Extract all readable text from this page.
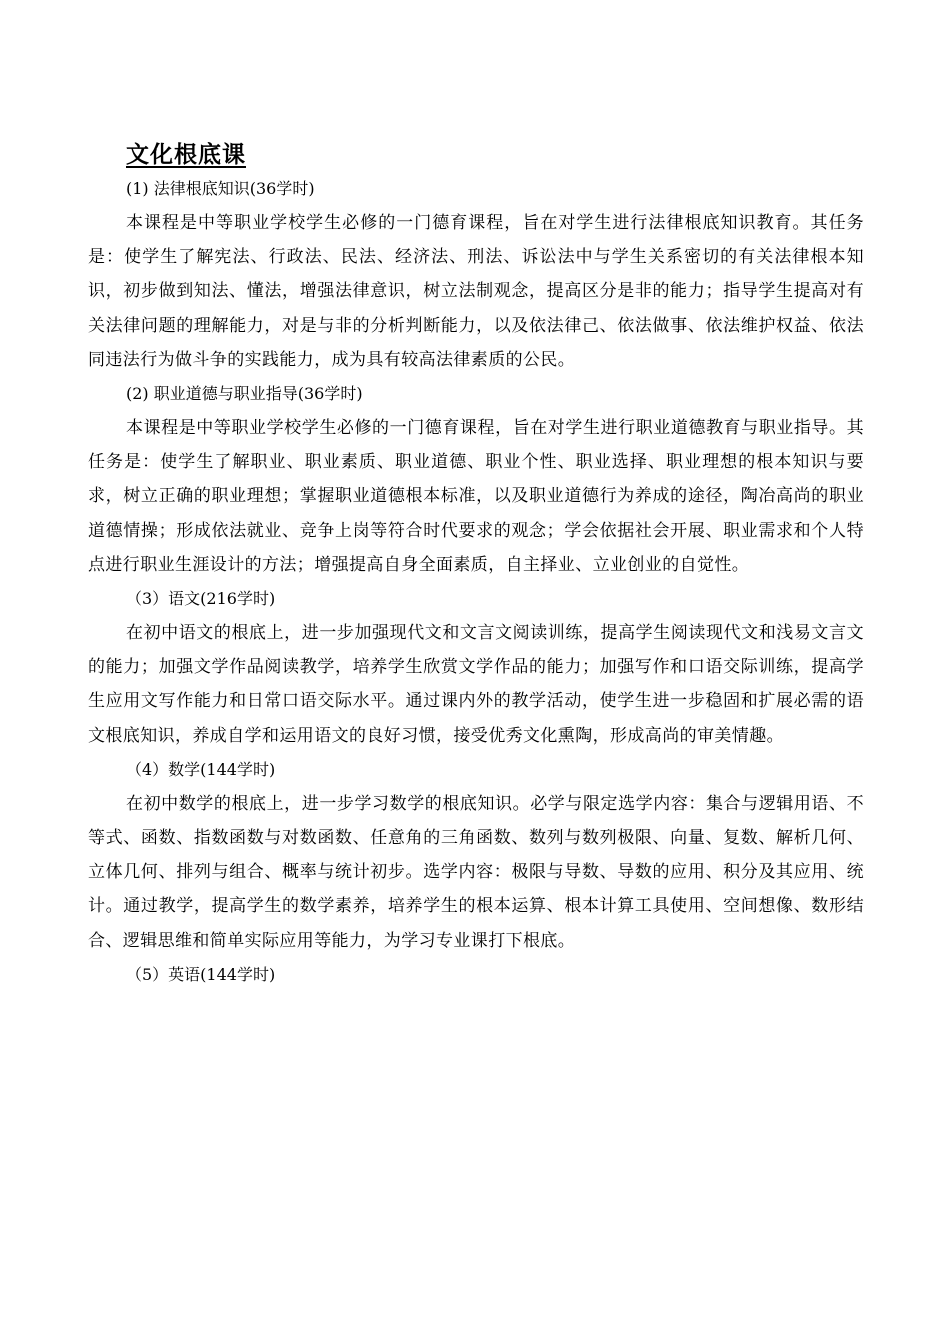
文化根底课
(1) 法律根底知识(36学时)

本课程是中等职业学校学生必修的一门德育课程，旨在对学生进行法律根底知识教育。其任务是：使学生了解宪法、行政法、民法、经济法、刑法、诉讼法中与学生关系密切的有关法律根本知识，初步做到知法、懂法，增强法律意识，树立法制观念，提高区分是非的能力；指导学生提高对有关法律问题的理解能力，对是与非的分析判断能力，以及依法律己、依法做事、依法维护权益、依法同违法行为做斗争的实践能力，成为具有较高法律素质的公民。

(2) 职业道德与职业指导(36学时)

本课程是中等职业学校学生必修的一门德育课程，旨在对学生进行职业道德教育与职业指导。其任务是：使学生了解职业、职业素质、职业道德、职业个性、职业选择、职业理想的根本知识与要求，树立正确的职业理想；掌握职业道德根本标准，以及职业道德行为养成的途径，陶冶高尚的职业道德情操；形成依法就业、竞争上岗等符合时代要求的观念；学会依据社会开展、职业需求和个人特点进行职业生涯设计的方法；增强提高自身全面素质，自主择业、立业创业的自觉性。

（3）语文(216学时)

在初中语文的根底上，进一步加强现代文和文言文阅读训练，提高学生阅读现代文和浅易文言文的能力；加强文学作品阅读教学，培养学生欣赏文学作品的能力；加强写作和口语交际训练，提高学生应用文写作能力和日常口语交际水平。通过课内外的教学活动，使学生进一步稳固和扩展必需的语文根底知识，养成自学和运用语文的良好习惯，接受优秀文化熏陶，形成高尚的审美情趣。

（4）数学(144学时)

在初中数学的根底上，进一步学习数学的根底知识。必学与限定选学内容：集合与逻辑用语、不等式、函数、指数函数与对数函数、任意角的三角函数、数列与数列极限、向量、复数、解析几何、立体几何、排列与组合、概率与统计初步。选学内容：极限与导数、导数的应用、积分及其应用、统计。通过教学，提高学生的数学素养，培养学生的根本运算、根本计算工具使用、空间想像、数形结合、逻辑思维和简单实际应用等能力，为学习专业课打下根底。

（5）英语(144学时)
